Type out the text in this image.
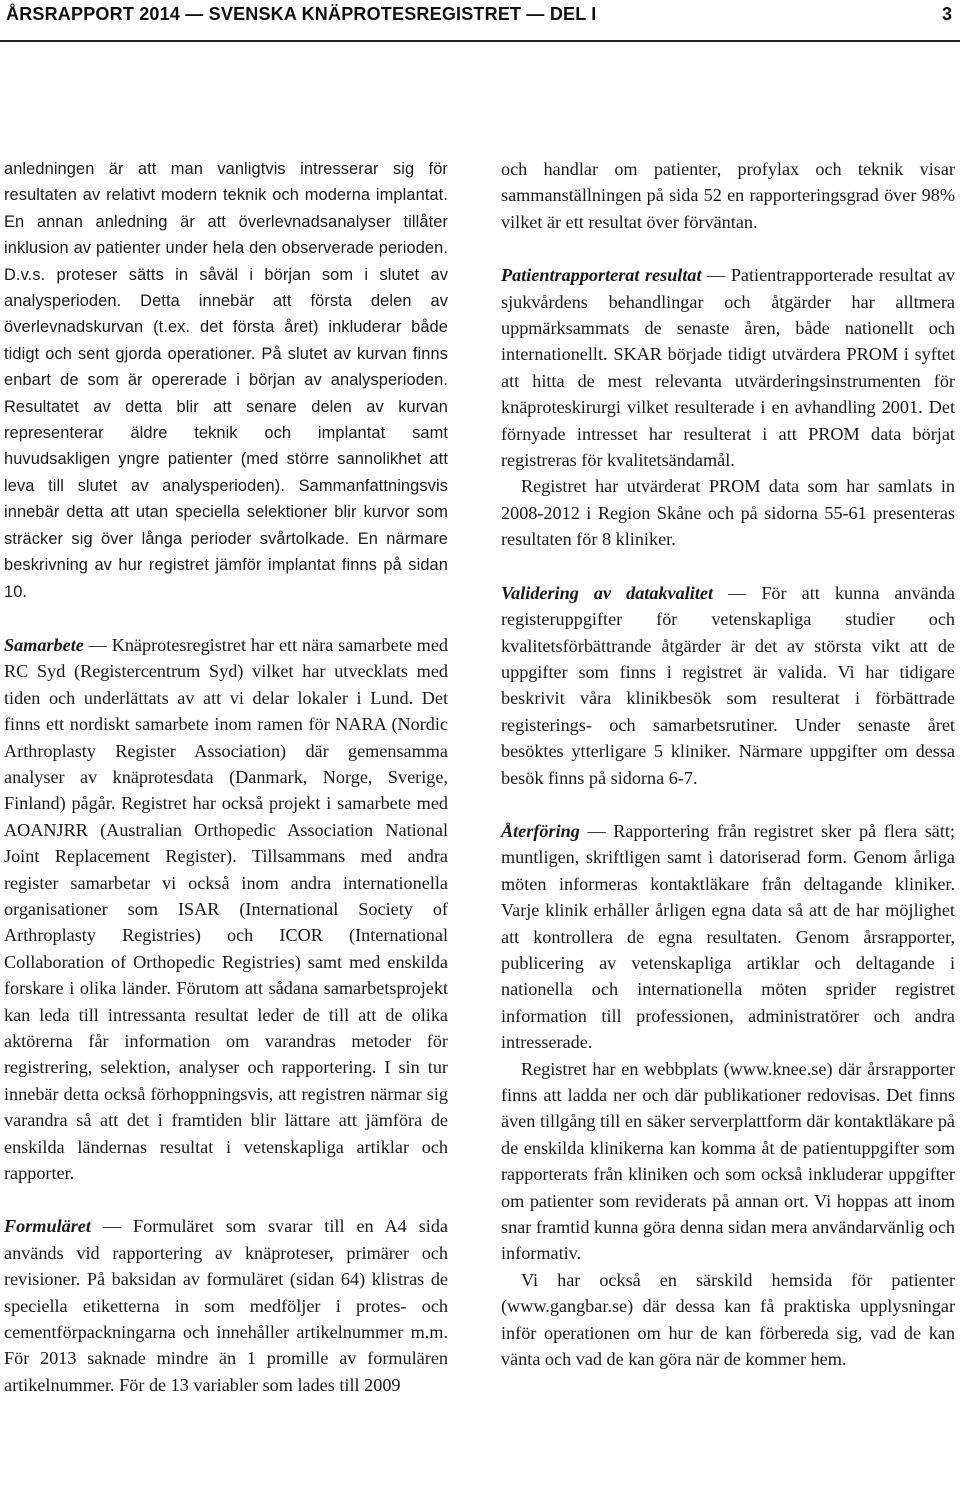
ÅRSRAPPORT 2014 — SVENSKA KNÄPROTESREGISTRET — DEL I	3

anledningen är att man vanligtvis intresserar sig för resultaten av relativt modern teknik och moderna implantat. En annan anledning är att överlevnadsanalyser tillåter inklusion av patienter under hela den observerade perioden. D.v.s. proteser sätts in såväl i början som i slutet av analysperioden. Detta innebär att första delen av överlevnadskurvan (t.ex. det första året) inkluderar både tidigt och sent gjorda operationer. På slutet av kurvan finns enbart de som är opererade i början av analysperioden. Resultatet av detta blir att senare delen av kurvan representerar äldre teknik och implantat samt huvudsakligen yngre patienter (med större sannolikhet att leva till slutet av analysperioden). Sammanfattningsvis innebär detta att utan speciella selektioner blir kurvor som sträcker sig över långa perioder svårtolkade. En närmare beskrivning av hur registret jämför implantat finns på sidan 10.

Samarbete — Knäprotesregistret har ett nära samarbete med RC Syd (Registercentrum Syd) vilket har utvecklats med tiden och underlättats av att vi delar lokaler i Lund. Det finns ett nordiskt samarbete inom ramen för NARA (Nordic Arthroplasty Register Association) där gemensamma analyser av knäprotesdata (Danmark, Norge, Sverige, Finland) pågår. Registret har också projekt i samarbete med AOANJRR (Australian Orthopedic Association National Joint Replacement Register). Tillsammans med andra register samarbetar vi också inom andra internationella organisationer som ISAR (International Society of Arthroplasty Registries) och ICOR (International Collaboration of Orthopedic Registries) samt med enskilda forskare i olika länder. Förutom att sådana samarbetsprojekt kan leda till intressanta resultat leder de till att de olika aktörerna får information om varandras metoder för registrering, selektion, analyser och rapportering. I sin tur innebär detta också förhoppningsvis, att registren närmar sig varandra så att det i framtiden blir lättare att jämföra de enskilda ländernas resultat i vetenskapliga artiklar och rapporter.

Formuläret — Formuläret som svarar till en A4 sida används vid rapportering av knäproteser, primärer och revisioner. På baksidan av formuläret (sidan 64) klistras de speciella etiketterna in som medföljer i protes- och cementförpackningarna och innehåller artikelnummer m.m. För 2013 saknade mindre än 1 promille av formulären artikelnummer. För de 13 variabler som lades till 2009

och handlar om patienter, profylax och teknik visar sammanställningen på sida 52 en rapporteringsgrad över 98% vilket är ett resultat över förväntan.

Patientrapporterat resultat — Patientrapporterade resultat av sjukvårdens behandlingar och åtgärder har alltmera uppmärksammats de senaste åren, både nationellt och internationellt. SKAR började tidigt utvärdera PROM i syftet att hitta de mest relevanta utvärderingsinstrumenten för knäproteskirurgi vilket resulterade i en avhandling 2001. Det förnyade intresset har resulterat i att PROM data börjat registreras för kvalitetsändamål.

Registret har utvärderat PROM data som har samlats in 2008-2012 i Region Skåne och på sidorna 55-61 presenteras resultaten för 8 kliniker.

Validering av datakvalitet — För att kunna använda registeruppgifter för vetenskapliga studier och kvalitetsförbättrande åtgärder är det av största vikt att de uppgifter som finns i registret är valida. Vi har tidigare beskrivit våra klinikbesök som resulterat i förbättrade registerings- och samarbetsrutiner. Under senaste året besöktes ytterligare 5 kliniker. Närmare uppgifter om dessa besök finns på sidorna 6-7.

Återföring — Rapportering från registret sker på flera sätt; muntligen, skriftligen samt i datoriserad form. Genom årliga möten informeras kontaktläkare från deltagande kliniker. Varje klinik erhåller årligen egna data så att de har möjlighet att kontrollera de egna resultaten. Genom årsrapporter, publicering av vetenskapliga artiklar och deltagande i nationella och internationella möten sprider registret information till professionen, administratörer och andra intresserade.

Registret har en webbplats (www.knee.se) där årsrapporter finns att ladda ner och där publikationer redovisas. Det finns även tillgång till en säker serverplattform där kontaktläkare på de enskilda klinikerna kan komma åt de patientuppgifter som rapporterats från kliniken och som också inkluderar uppgifter om patienter som reviderats på annan ort. Vi hoppas att inom snar framtid kunna göra denna sidan mera användarvänlig och informativ.

Vi har också en särskild hemsida för patienter (www.gangbar.se) där dessa kan få praktiska upplysningar inför operationen om hur de kan förbereda sig, vad de kan vänta och vad de kan göra när de kommer hem.
